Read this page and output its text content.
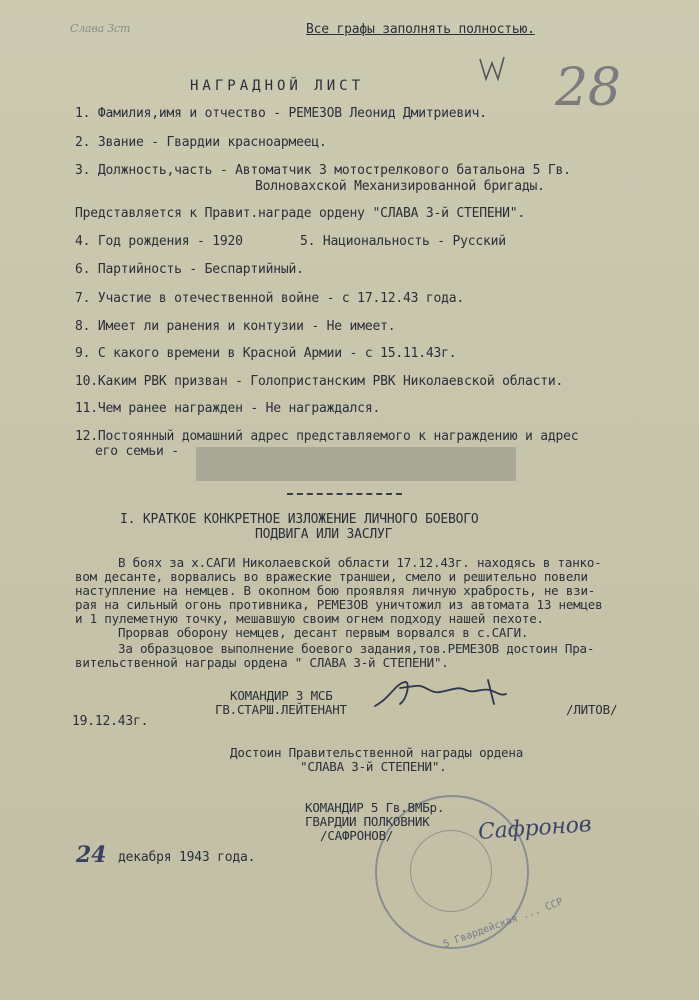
Слава 3ст	Все графы заполнять полностью.
28
НАГРАДНОЙ ЛИСТ
1. Фамилия,имя и отчество - РЕМЕЗОВ Леонид Дмитриевич.
2. Звание - Гвардии красноармеец.
3. Должность,часть - Автоматчик 3 мотострелкового батальона 5 Гв.
Волновахской Механизированной бригады.
Представляется к Правит.награде ордену "СЛАВА 3-й СТЕПЕНИ".
4. Год рождения - 1920	5. Национальность - Русский
6. Партийность - Беспартийный.
7. Участие в отечественной войне - с 17.12.43 года.
8. Имеет ли ранения и контузии - Не имеет.
9. С какого времени в Красной Армии - с 15.11.43г.
10.Каким РВК призван - Голопристанским РВК Николаевской области.
11.Чем ранее награжден - Не награждался.
12.Постоянный домашний адрес представляемого к награждению и адрес
его семьи -
I. КРАТКОЕ КОНКРЕТНОЕ ИЗЛОЖЕНИЕ ЛИЧНОГО БОЕВОГО
ПОДВИГА ИЛИ ЗАСЛУГ
В боях за х.САГИ Николаевской области 17.12.43г. находясь в танко-
вом десанте, ворвались во вражеские траншеи, смело и решительно повели
наступление на немцев. В окопном бою проявляя личную храбрость, не взи-
рая на сильный огонь противника, РЕМЕЗОВ уничтожил из автомата 13 немцев
и 1 пулеметную точку, мешавшую своим огнем подходу нашей пехоте.
Прорвав оборону немцев, десант первым ворвался в с.САГИ.
За образцовое выполнение боевого задания,тов.РЕМЕЗОВ достоин Пра-
вительственной награды ордена " СЛАВА 3-й СТЕПЕНИ".
КОМАНДИР 3 МСБ
ГВ.СТАРШ.ЛЕЙТЕНАНТ	/ЛИТОВ/
19.12.43г.
Достоин Правительственной награды ордена
"СЛАВА 3-й СТЕПЕНИ".
5 Гвардейская ... ССР
КОМАНДИР 5 Гв.ВМБр.
ГВАРДИИ ПОЛКОВНИК
/САФРОНОВ/	Сафронов
24 декабря 1943 года.
